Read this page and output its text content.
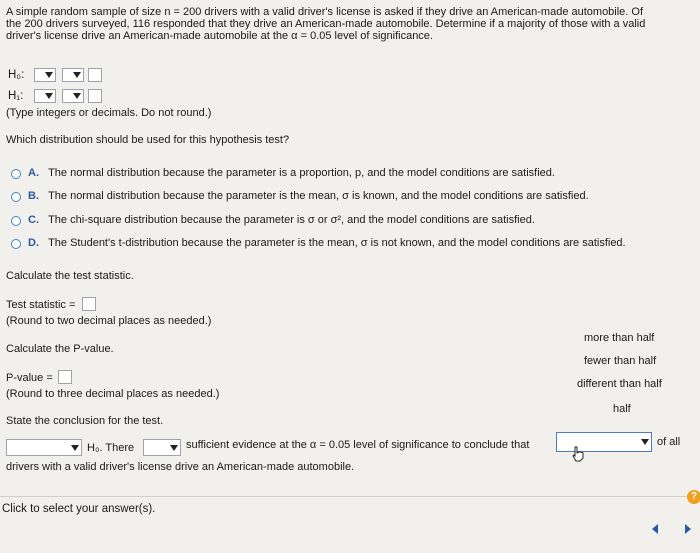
A simple random sample of size n = 200 drivers with a valid driver's license is asked if they drive an American-made automobile. Of
the 200 drivers surveyed, 116 responded that they drive an American-made automobile. Determine if a majority of those with a valid
driver's license drive an American-made automobile at the α = 0.05 level of significance.
H₀:
H₁:
(Type integers or decimals. Do not round.)
Which distribution should be used for this hypothesis test?
A. The normal distribution because the parameter is a proportion, p, and the model conditions are satisfied.
B. The normal distribution because the parameter is the mean, σ is known, and the model conditions are satisfied.
C. The chi-square distribution because the parameter is σ or σ², and the model conditions are satisfied.
D. The Student's t-distribution because the parameter is the mean, σ is not known, and the model conditions are satisfied.
Calculate the test statistic.
Test statistic =
(Round to two decimal places as needed.)
Calculate the P-value.
P-value =
(Round to three decimal places as needed.)
State the conclusion for the test.
H₀. There	sufficient evidence at the α = 0.05 level of significance to conclude that	of all
drivers with a valid driver's license drive an American-made automobile.
more than half
fewer than half
different than half
half
Click to select your answer(s).
?
